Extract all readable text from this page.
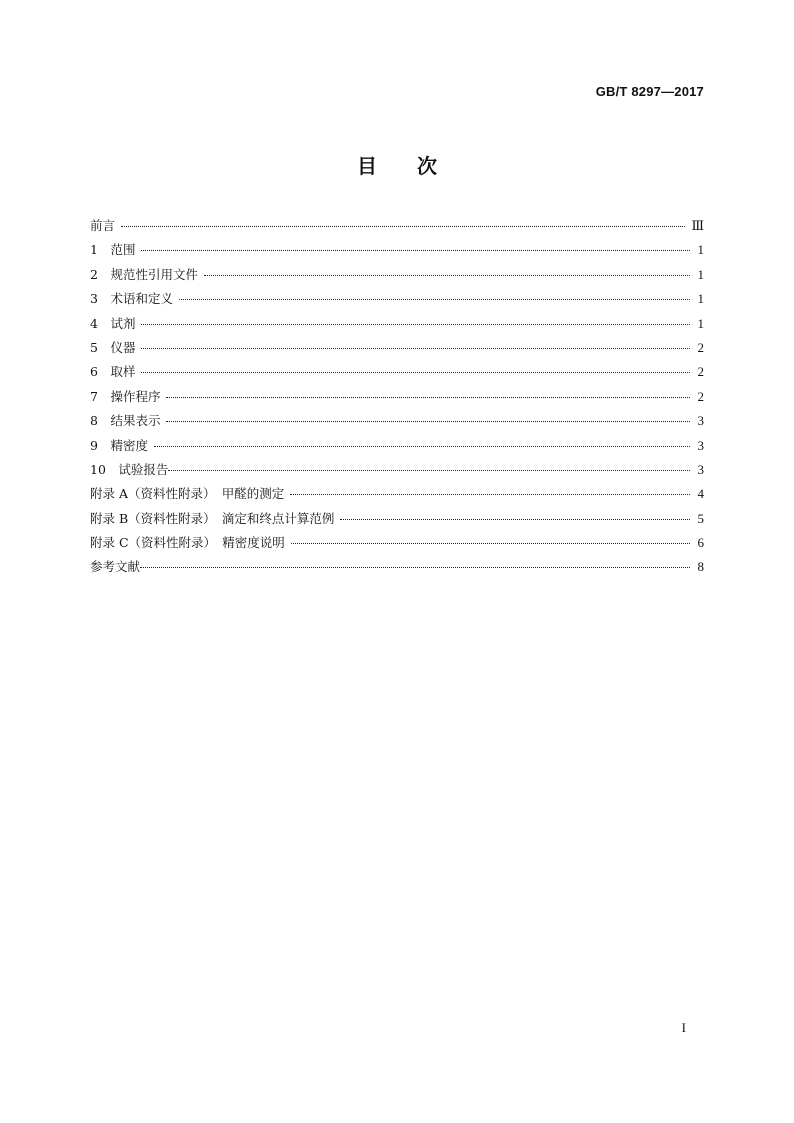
GB/T 8297—2017
目 次
前言	Ⅲ
1　范围	1
2　规范性引用文件	1
3　术语和定义	1
4　试剂	1
5　仪器	2
6　取样	2
7　操作程序	2
8　结果表示	3
9　精密度	3
10　试验报告	3
附录 A（资料性附录）　甲醛的测定	4
附录 B（资料性附录）　滴定和终点计算范例	5
附录 C（资料性附录）　精密度说明	6
参考文献	8
I
